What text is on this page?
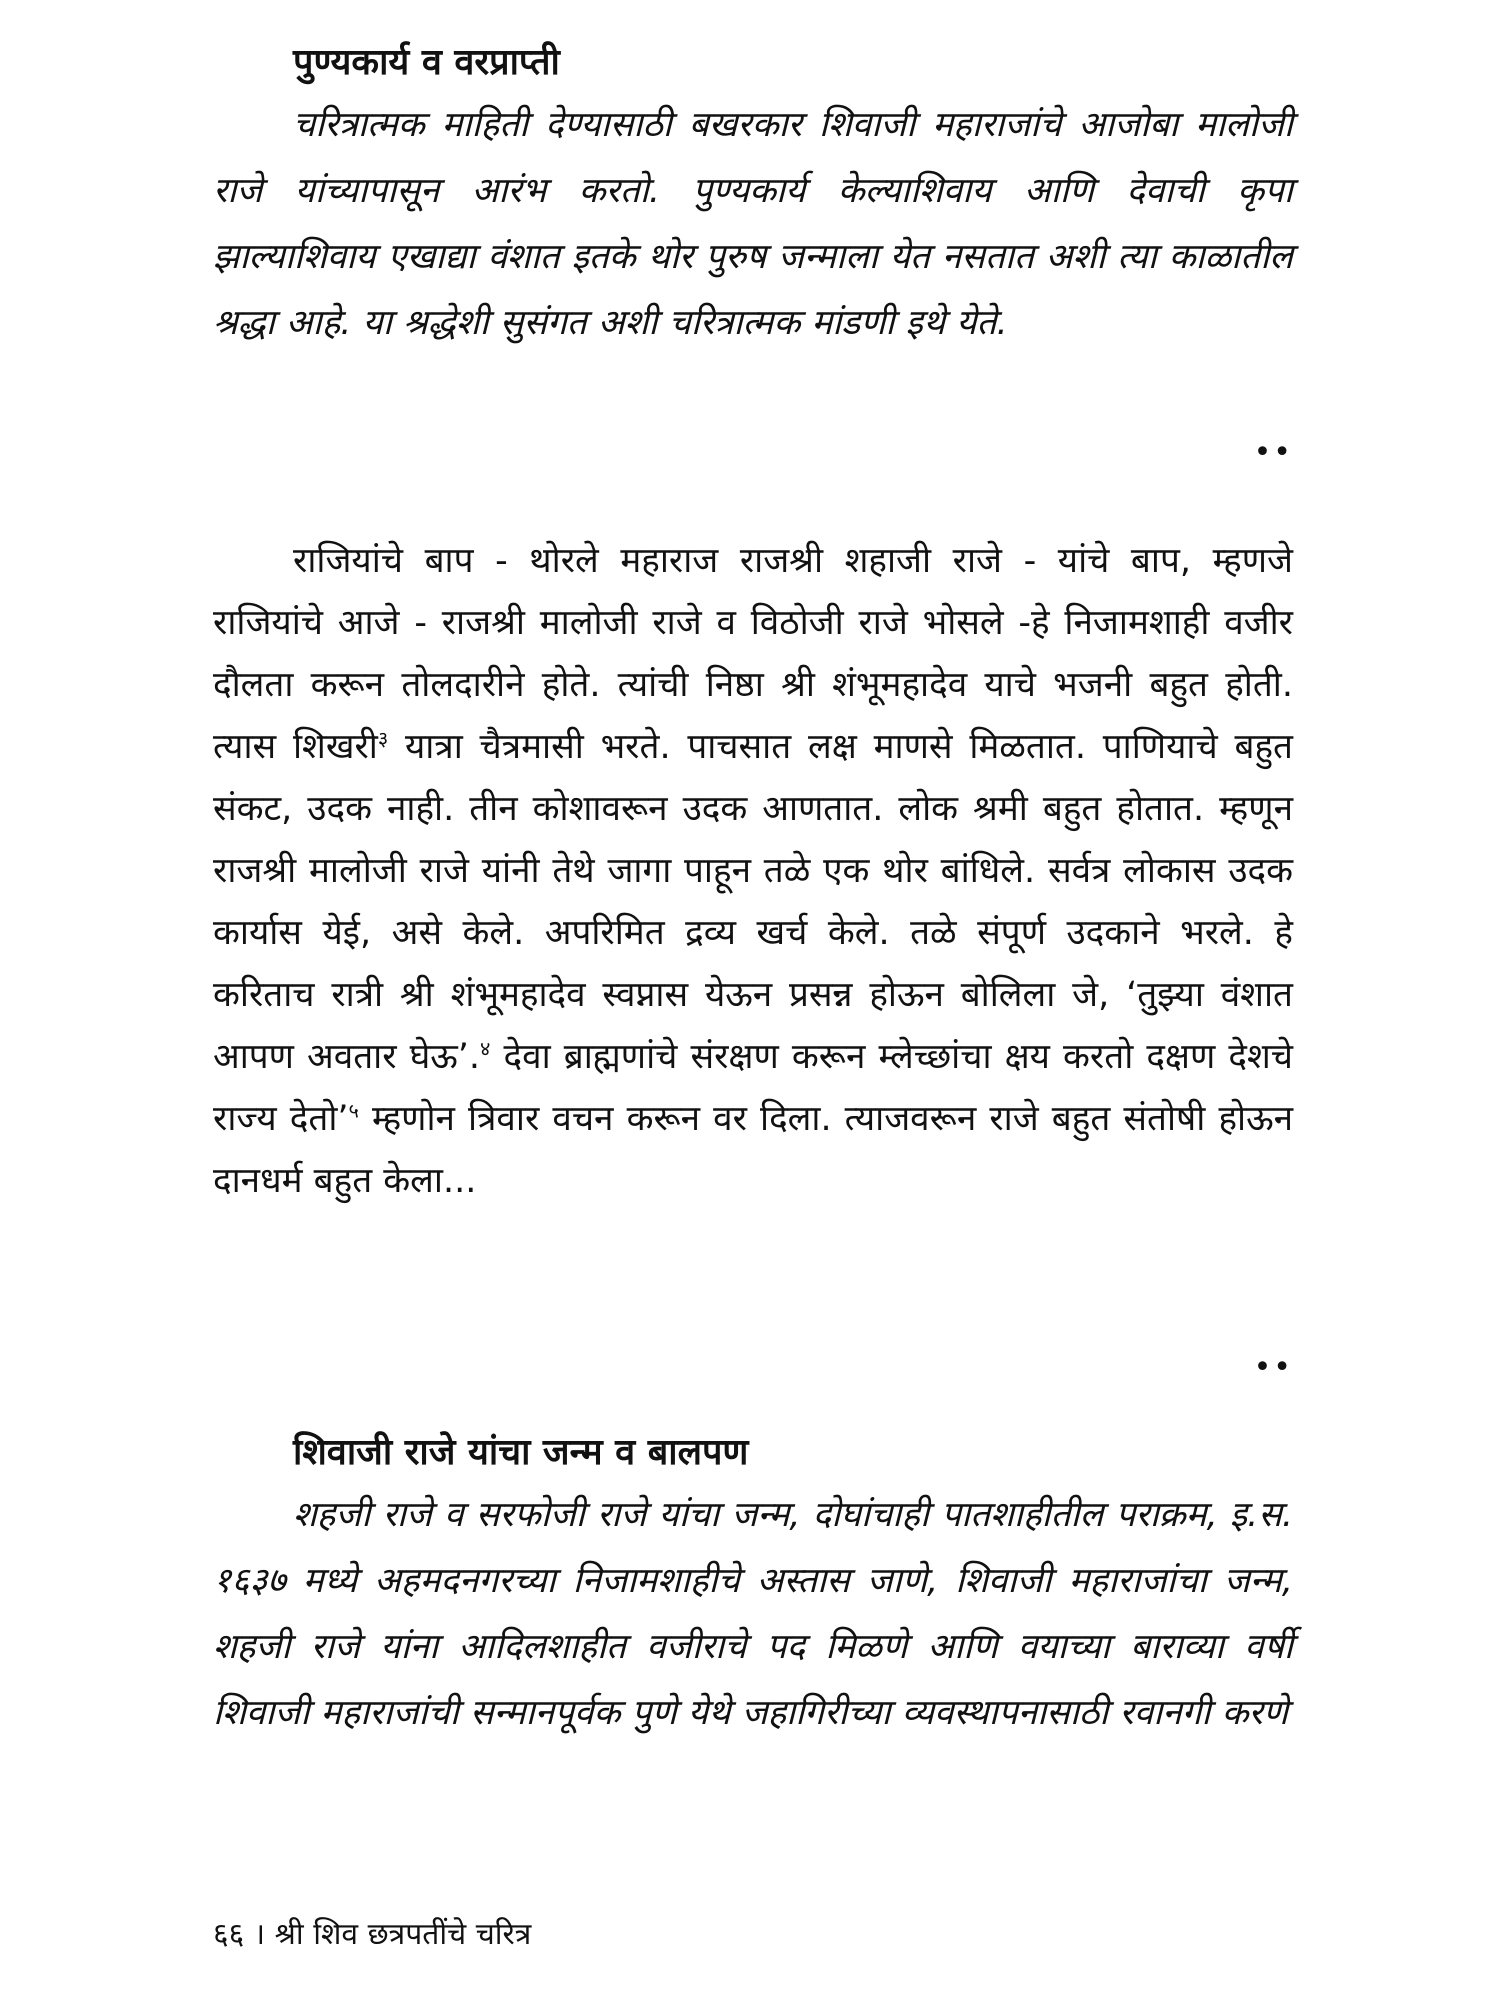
पुण्यकार्य व वरप्राप्ती

चरित्रात्मक माहिती देण्यासाठी बखरकार शिवाजी महाराजांचे आजोबा मालोजी राजे यांच्यापासून आरंभ करतो. पुण्यकार्य केल्याशिवाय आणि देवाची कृपा झाल्याशिवाय एखाद्या वंशात इतके थोर पुरुष जन्माला येत नसतात अशी त्या काळातील श्रद्धा आहे. या श्रद्धेशी सुसंगत अशी चरित्रात्मक मांडणी इथे येते.

••

राजियांचे बाप - थोरले महाराज राजश्री शहाजी राजे - यांचे बाप, म्हणजे राजियांचे आजे - राजश्री मालोजी राजे व विठोजी राजे भोसले -हे निजामशाही वजीर दौलता करून तोलदारीने होते. त्यांची निष्ठा श्री शंभूमहादेव याचे भजनी बहुत होती. त्यास शिखरी$^३$ यात्रा चैत्रमासी भरते. पाचसात लक्ष माणसे मिळतात. पाणियाचे बहुत संकट, उदक नाही. तीन कोशावरून उदक आणतात. लोक श्रमी बहुत होतात. म्हणून राजश्री मालोजी राजे यांनी तेथे जागा पाहून तळे एक थोर बांधिले. सर्वत्र लोकास उदक कार्यास येई, असे केले. अपरिमित द्रव्य खर्च केले. तळे संपूर्ण उदकाने भरले. हे करिताच रात्री श्री शंभूमहादेव स्वप्नास येऊन प्रसन्न होऊन बोलिला जे, ‘तुझ्या वंशात आपण अवतार घेऊ’.$^४$ देवा ब्राह्मणांचे संरक्षण करून म्लेच्छांचा क्षय करतो दक्षण देशचे राज्य देतो’$^५$ म्हणोन त्रिवार वचन करून वर दिला. त्याजवरून राजे बहुत संतोषी होऊन दानधर्म बहुत केला...

••

शिवाजी राजे यांचा जन्म व बालपण

शहजी राजे व सरफोजी राजे यांचा जन्म, दोघांचाही पातशाहीतील पराक्रम, इ.स. १६३७ मध्ये अहमदनगरच्या निजामशाहीचे अस्तास जाणे, शिवाजी महाराजांचा जन्म, शहजी राजे यांना आदिलशाहीत वजीराचे पद मिळणे आणि वयाच्या बाराव्या वर्षी शिवाजी महाराजांची सन्मानपूर्वक पुणे येथे जहागिरीच्या व्यवस्थापनासाठी रवानगी करणे

६६ । श्री शिव छत्रपतींचे चरित्र
